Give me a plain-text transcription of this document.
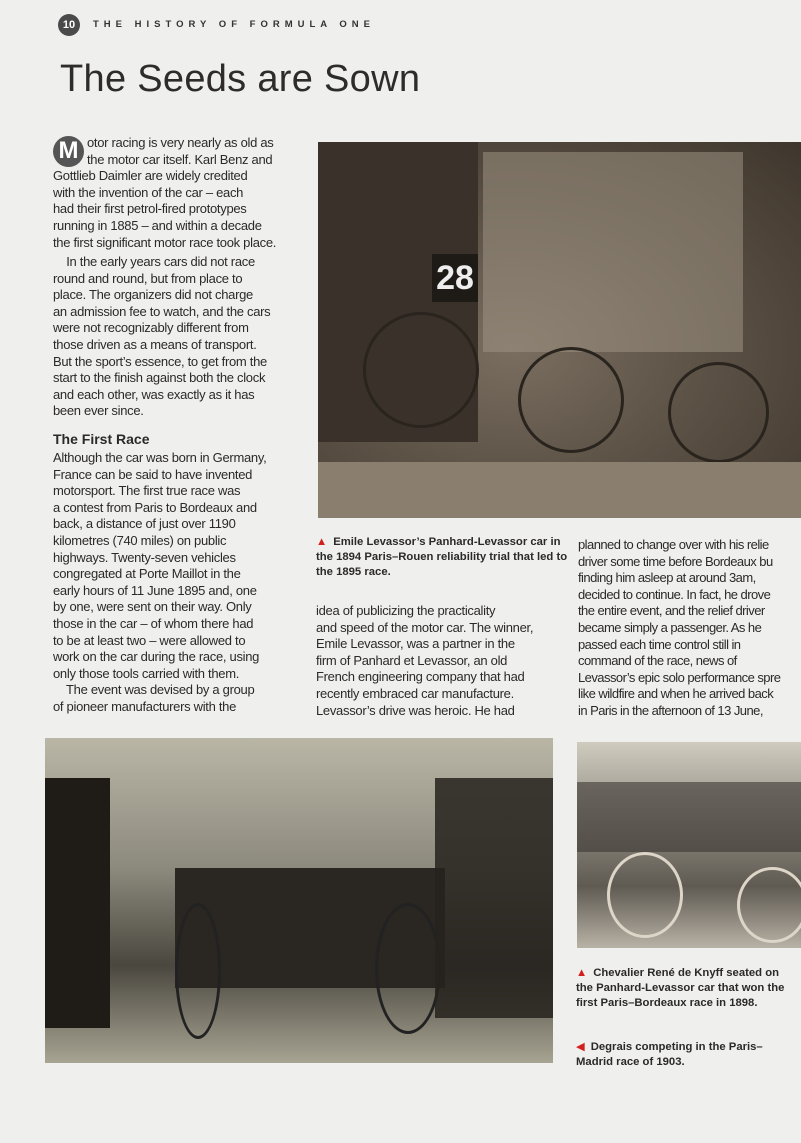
10	THE HISTORY OF FORMULA ONE
The Seeds are Sown
28
M otor racing is very nearly as old as
the motor car itself. Karl Benz and
Gottlieb Daimler are widely credited
with the invention of the car – each
had their first petrol-fired prototypes
running in 1885 – and within a decade
the first significant motor race took place.
In the early years cars did not race
round and round, but from place to
place. The organizers did not charge
an admission fee to watch, and the cars
were not recognizably different from
those driven as a means of transport.
But the sport’s essence, to get from the
start to the finish against both the clock
and each other, was exactly as it has
been ever since.
The First Race
Although the car was born in Germany,
France can be said to have invented
motorsport. The first true race was
a contest from Paris to Bordeaux and
back, a distance of just over 1190
kilometres (740 miles) on public
highways. Twenty-seven vehicles
congregated at Porte Maillot in the
early hours of 11 June 1895 and, one
by one, were sent on their way. Only
those in the car – of whom there had
to be at least two – were allowed to
work on the car during the race, using
only those tools carried with them.
The event was devised by a group
of pioneer manufacturers with the
▲ Emile Levassor’s Panhard-Levassor car in the 1894 Paris–Rouen reliability trial that led to the 1895 race.
idea of publicizing the practicality
and speed of the motor car. The winner,
Emile Levassor, was a partner in the
firm of Panhard et Levassor, an old
French engineering company that had
recently embraced car manufacture.
Levassor’s drive was heroic. He had
planned to change over with his relie
driver some time before Bordeaux bu
finding him asleep at around 3am,
decided to continue. In fact, he drove
the entire event, and the relief driver
became simply a passenger. As he
passed each time control still in
command of the race, news of
Levassor’s epic solo performance spre
like wildfire and when he arrived back
in Paris in the afternoon of 13 June,
▲ Chevalier René de Knyff seated on the Panhard-Levassor car that won the first Paris–Bordeaux race in 1898.
◀ Degrais competing in the Paris–Madrid race of 1903.
